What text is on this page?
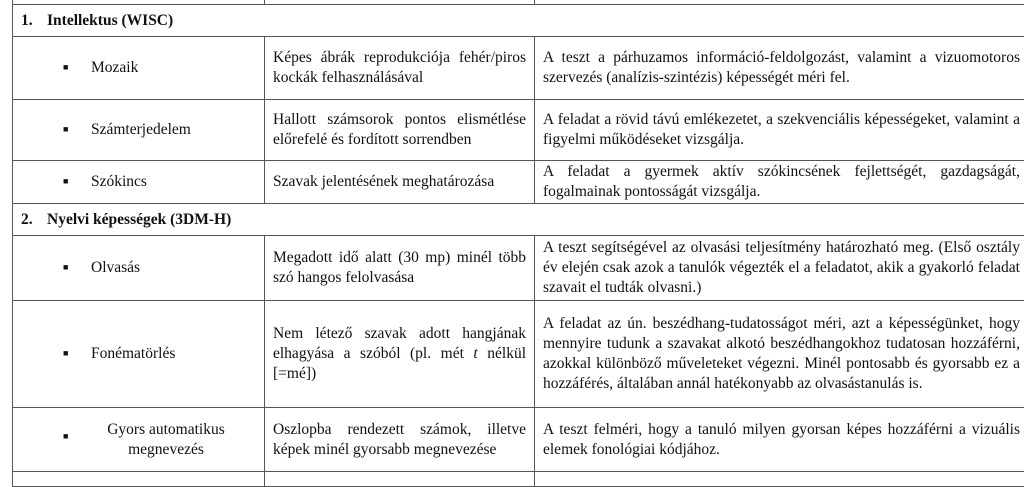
1. Intellektus (WISC)		
■ Mozaik	Képes ábrák reprodukciója fehér/piros kockák felhasználásával	A teszt a párhuzamos információ-feldolgozást, valamint a vizuomotoros szervezés (analízis-szintézis) képességét méri fel.
■ Számterjedelem	Hallott számsorok pontos elismétlése előrefelé és fordított sorrendben	A feladat a rövid távú emlékezetet, a szekvenciális képességeket, valamint a figyelmi működéseket vizsgálja.
■ Szókincs	Szavak jelentésének meghatározása	A feladat a gyermek aktív szókincsének fejlettségét, gazdagságát, fogalmainak pontosságát vizsgálja.
2. Nyelvi képességek (3DM-H)		
■ Olvasás	Megadott idő alatt (30 mp) minél több szó hangos felolvasása	A teszt segítségével az olvasási teljesítmény határozható meg. (Első osztály év elején csak azok a tanulók végezték el a feladatot, akik a gyakorló feladat szavait el tudták olvasni.)
■ Fonématörlés	Nem létező szavak adott hangjának elhagyása a szóból (pl. mét t nélkül [=mé])	A feladat az ún. beszédhang-tudatosságot méri, azt a képességünket, hogy mennyire tudunk a szavakat alkotó beszédhangokhoz tudatosan hozzáférni, azokkal különböző műveleteket végezni. Minél pontosabb és gyorsabb ez a hozzáférés, általában annál hatékonyabb az olvasástanulás is.
■ Gyors automatikus megnevezés	Oszlopba rendezett számok, illetve képek minél gyorsabb megnevezése	A teszt felméri, hogy a tanuló milyen gyorsan képes hozzáférni a vizuális elemek fonológiai kódjához.
